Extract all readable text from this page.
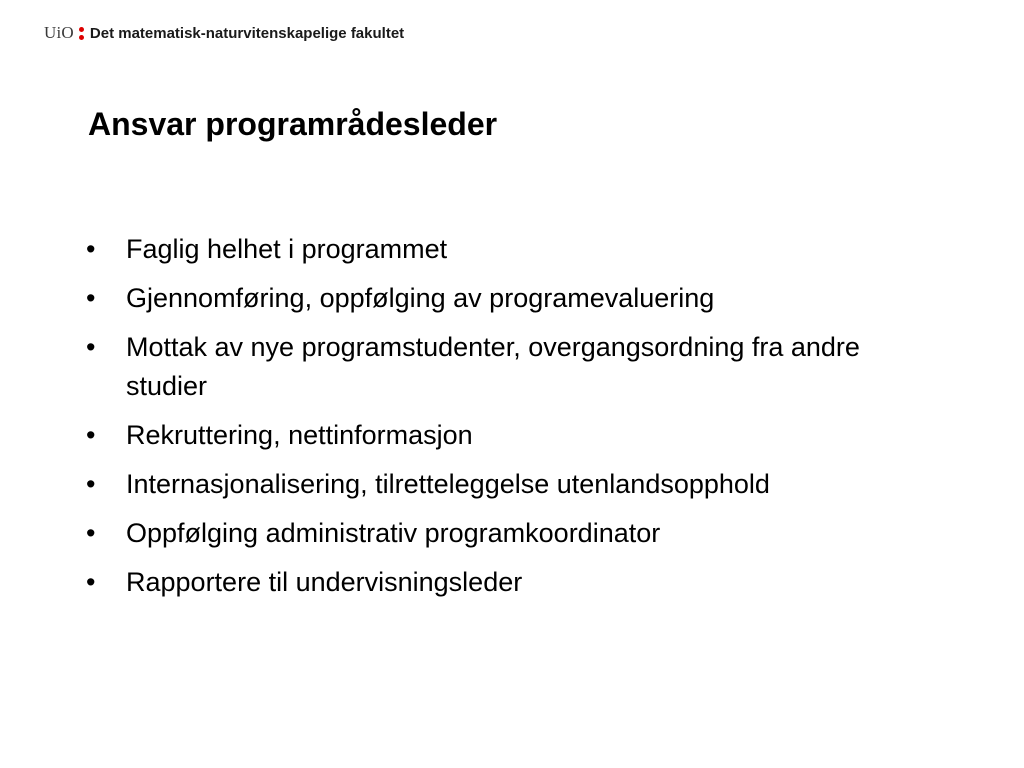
UiO Det matematisk-naturvitenskapelige fakultet
Ansvar programrådesleder
•	Faglig helhet i programmet
•	Gjennomføring, oppfølging av programevaluering
•	Mottak av nye programstudenter, overgangsordning fra andre studier
•	Rekruttering, nettinformasjon
•	Internasjonalisering, tilretteleggelse utenlandsopphold
•	Oppfølging administrativ programkoordinator
•	Rapportere til undervisningsleder
